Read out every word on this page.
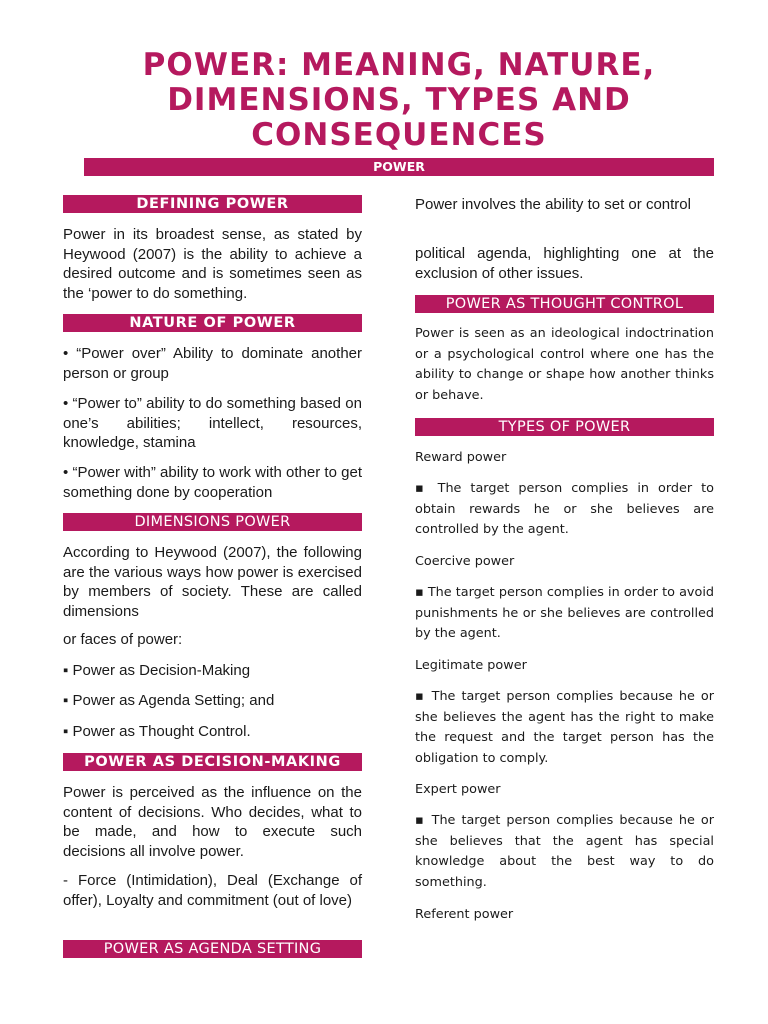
POWER: MEANING, NATURE, DIMENSIONS, TYPES AND CONSEQUENCES
POWER
DEFINING POWER

Power in its broadest sense, as stated by Heywood (2007) is the ability to achieve a desired outcome and is sometimes seen as the ‘power to do something.

NATURE OF POWER

• “Power over” Ability to dominate another person or group

• “Power to” ability to do something based on one’s abilities; intellect, resources, knowledge, stamina

• “Power with” ability to work with other to get something done by cooperation

DIMENSIONS POWER

According to Heywood (2007), the following are the various ways how power is exercised by members of society. These are called dimensions

or faces of power:

▪ Power as Decision-Making

▪ Power as Agenda Setting; and

▪ Power as Thought Control.

POWER AS DECISION-MAKING

Power is perceived as the influence on the content of decisions. Who decides, what to be made, and how to execute such decisions all involve power.

- Force (Intimidation), Deal (Exchange of offer), Loyalty and commitment (out of love)

POWER AS AGENDA SETTING

Power involves the ability to set or control

political agenda, highlighting one at the exclusion of other issues.

POWER AS THOUGHT CONTROL

Power is seen as an ideological indoctrination or a psychological control where one has the ability to change or shape how another thinks or behave.

TYPES OF POWER

Reward power

▪ The target person complies in order to obtain rewards he or she believes are controlled by the agent.

Coercive power

▪ The target person complies in order to avoid punishments he or she believes are controlled by the agent.

Legitimate power

▪ The target person complies because he or she believes the agent has the right to make the request and the target person has the obligation to comply.

Expert power

▪ The target person complies because he or she believes that the agent has special knowledge about the best way to do something.

Referent power
